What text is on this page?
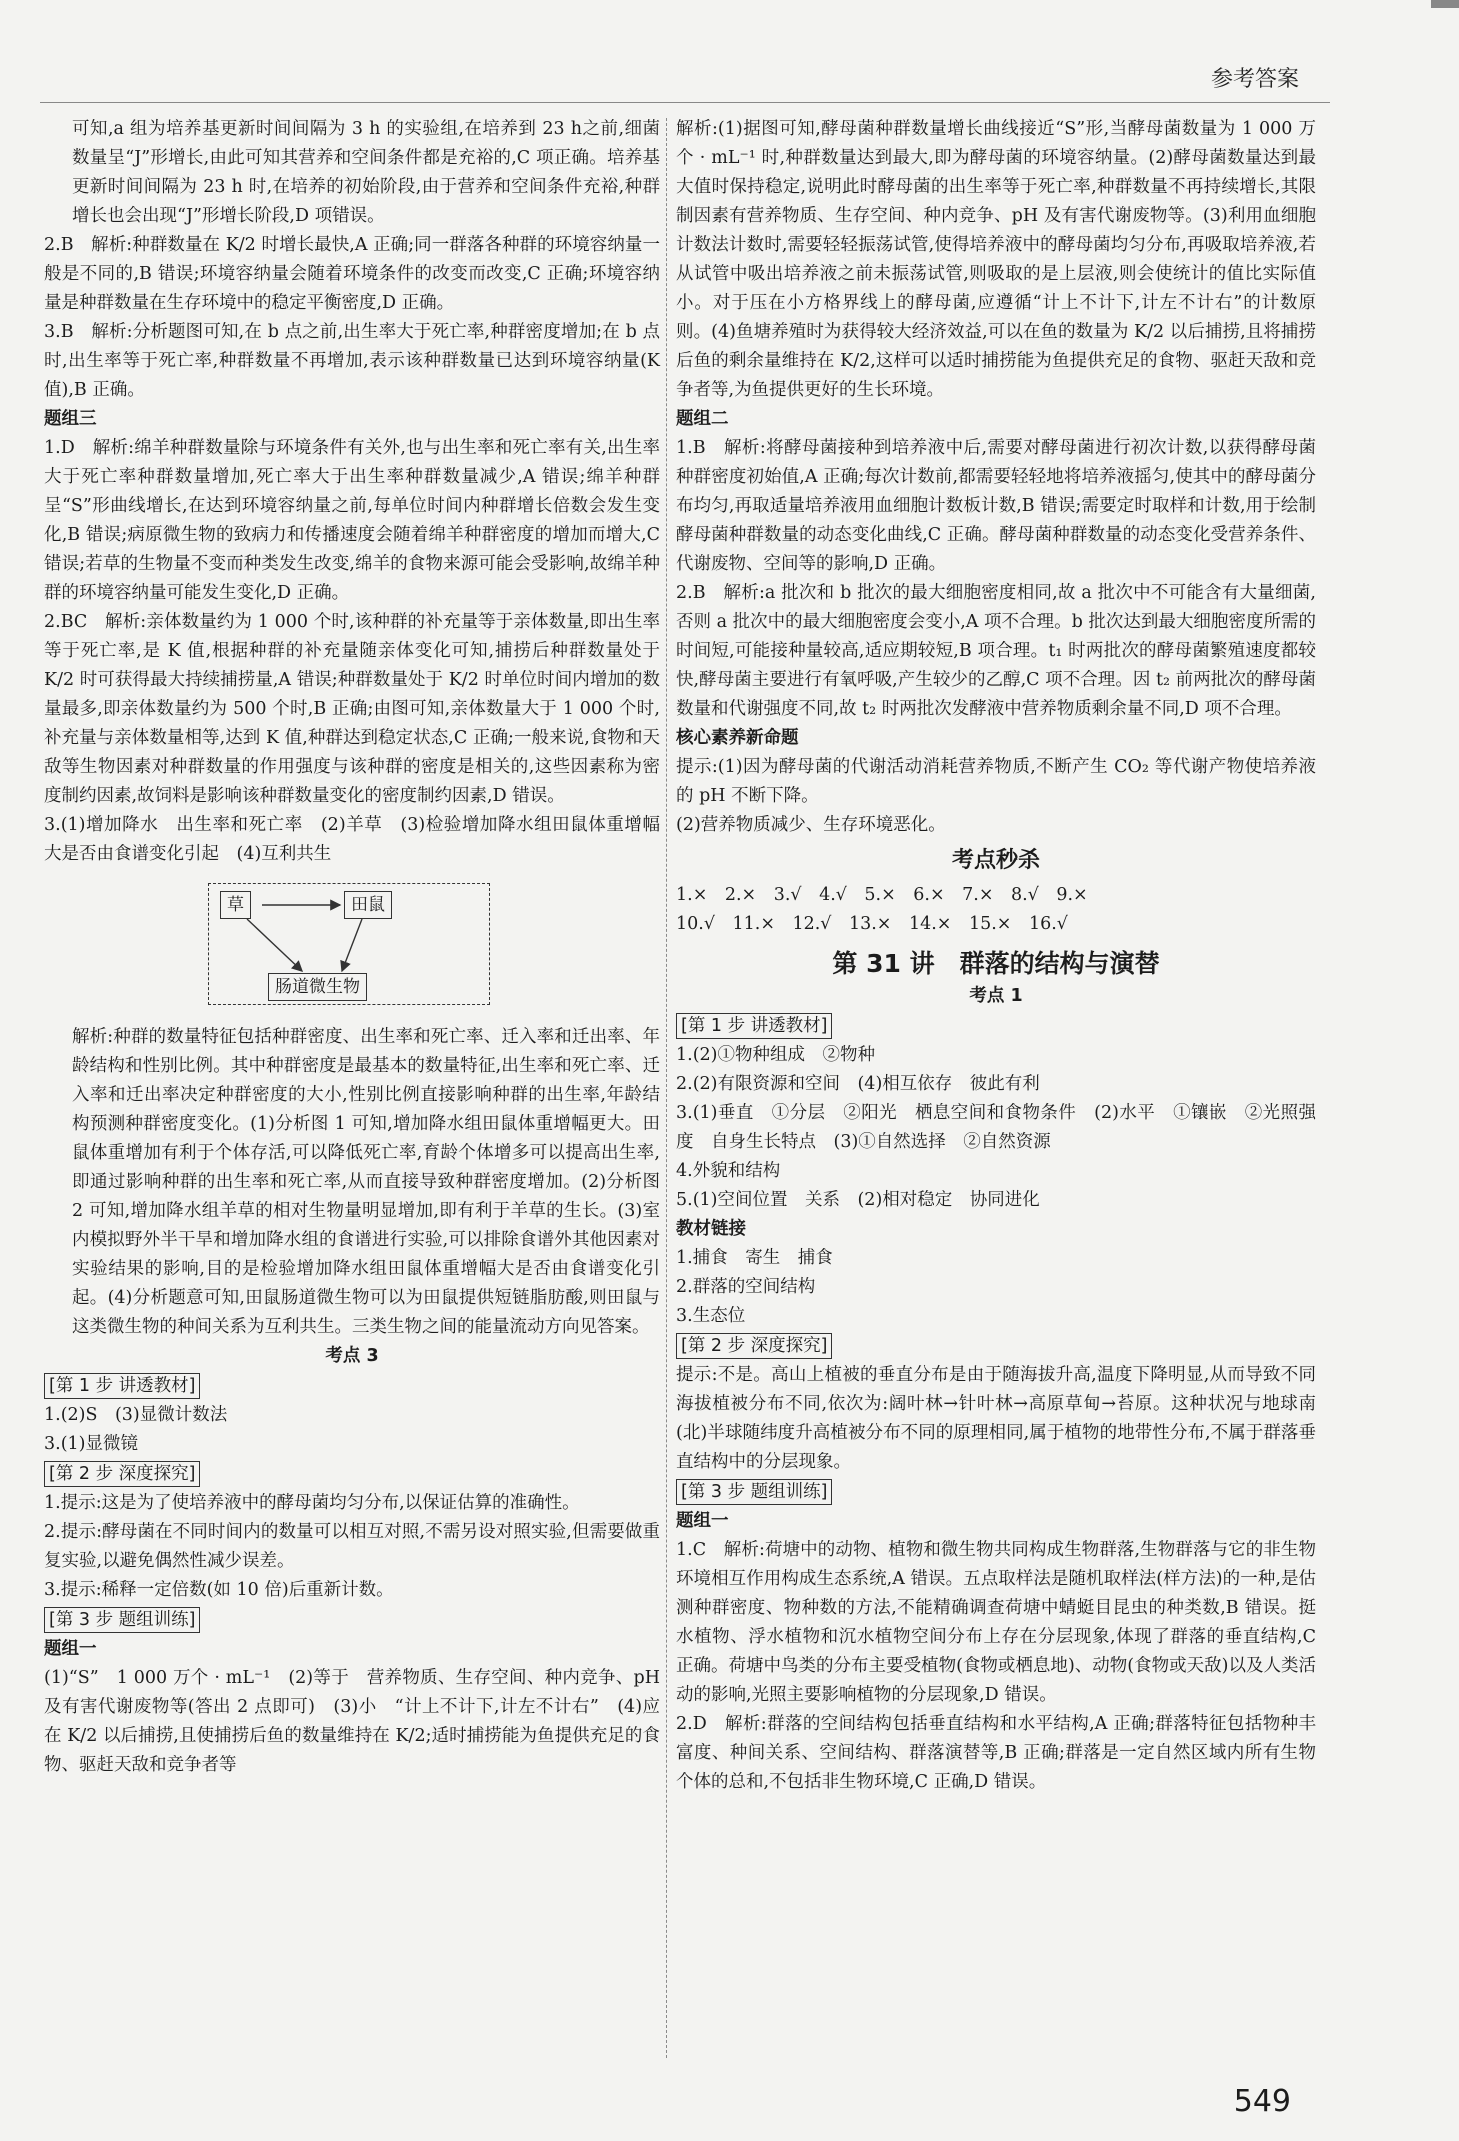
参考答案

可知,a 组为培养基更新时间间隔为 3 h 的实验组,在培养到 23 h之前,细菌数量呈“J”形增长,由此可知其营养和空间条件都是充裕的,C 项正确。培养基更新时间间隔为 23 h 时,在培养的初始阶段,由于营养和空间条件充裕,种群增长也会出现“J”形增长阶段,D 项错误。

2.B　解析:种群数量在 K/2 时增长最快,A 正确;同一群落各种群的环境容纳量一般是不同的,B 错误;环境容纳量会随着环境条件的改变而改变,C 正确;环境容纳量是种群数量在生存环境中的稳定平衡密度,D 正确。

3.B　解析:分析题图可知,在 b 点之前,出生率大于死亡率,种群密度增加;在 b 点时,出生率等于死亡率,种群数量不再增加,表示该种群数量已达到环境容纳量(K 值),B 正确。

题组三

1.D　解析:绵羊种群数量除与环境条件有关外,也与出生率和死亡率有关,出生率大于死亡率种群数量增加,死亡率大于出生率种群数量减少,A 错误;绵羊种群呈“S”形曲线增长,在达到环境容纳量之前,每单位时间内种群增长倍数会发生变化,B 错误;病原微生物的致病力和传播速度会随着绵羊种群密度的增加而增大,C 错误;若草的生物量不变而种类发生改变,绵羊的食物来源可能会受影响,故绵羊种群的环境容纳量可能发生变化,D 正确。

2.BC　解析:亲体数量约为 1 000 个时,该种群的补充量等于亲体数量,即出生率等于死亡率,是 K 值,根据种群的补充量随亲体变化可知,捕捞后种群数量处于 K/2 时可获得最大持续捕捞量,A 错误;种群数量处于 K/2 时单位时间内增加的数量最多,即亲体数量约为 500 个时,B 正确;由图可知,亲体数量大于 1 000 个时,补充量与亲体数量相等,达到 K 值,种群达到稳定状态,C 正确;一般来说,食物和天敌等生物因素对种群数量的作用强度与该种群的密度是相关的,这些因素称为密度制约因素,故饲料是影响该种群数量变化的密度制约因素,D 错误。

3.(1)增加降水　出生率和死亡率　(2)羊草　(3)检验增加降水组田鼠体重增幅大是否由食谱变化引起　(4)互利共生

草	田鼠
肠道微生物

解析:种群的数量特征包括种群密度、出生率和死亡率、迁入率和迁出率、年龄结构和性别比例。其中种群密度是最基本的数量特征,出生率和死亡率、迁入率和迁出率决定种群密度的大小,性别比例直接影响种群的出生率,年龄结构预测种群密度变化。(1)分析图 1 可知,增加降水组田鼠体重增幅更大。田鼠体重增加有利于个体存活,可以降低死亡率,育龄个体增多可以提高出生率,即通过影响种群的出生率和死亡率,从而直接导致种群密度增加。(2)分析图 2 可知,增加降水组羊草的相对生物量明显增加,即有利于羊草的生长。(3)室内模拟野外半干旱和增加降水组的食谱进行实验,可以排除食谱外其他因素对实验结果的影响,目的是检验增加降水组田鼠体重增幅大是否由食谱变化引起。(4)分析题意可知,田鼠肠道微生物可以为田鼠提供短链脂肪酸,则田鼠与这类微生物的种间关系为互利共生。三类生物之间的能量流动方向见答案。

考点 3

[第 1 步 讲透教材]

1.(2)S　(3)显微计数法

3.(1)显微镜

[第 2 步 深度探究]

1.提示:这是为了使培养液中的酵母菌均匀分布,以保证估算的准确性。

2.提示:酵母菌在不同时间内的数量可以相互对照,不需另设对照实验,但需要做重复实验,以避免偶然性减少误差。

3.提示:稀释一定倍数(如 10 倍)后重新计数。

[第 3 步 题组训练]

题组一

(1)“S”　1 000 万个 · mL⁻¹　(2)等于　营养物质、生存空间、种内竞争、pH 及有害代谢废物等(答出 2 点即可)　(3)小　“计上不计下,计左不计右”　(4)应在 K/2 以后捕捞,且使捕捞后鱼的数量维持在 K/2;适时捕捞能为鱼提供充足的食物、驱赶天敌和竞争者等

解析:(1)据图可知,酵母菌种群数量增长曲线接近“S”形,当酵母菌数量为 1 000 万个 · mL⁻¹ 时,种群数量达到最大,即为酵母菌的环境容纳量。(2)酵母菌数量达到最大值时保持稳定,说明此时酵母菌的出生率等于死亡率,种群数量不再持续增长,其限制因素有营养物质、生存空间、种内竞争、pH 及有害代谢废物等。(3)利用血细胞计数法计数时,需要轻轻振荡试管,使得培养液中的酵母菌均匀分布,再吸取培养液,若从试管中吸出培养液之前未振荡试管,则吸取的是上层液,则会使统计的值比实际值小。对于压在小方格界线上的酵母菌,应遵循“计上不计下,计左不计右”的计数原则。(4)鱼塘养殖时为获得较大经济效益,可以在鱼的数量为 K/2 以后捕捞,且将捕捞后鱼的剩余量维持在 K/2,这样可以适时捕捞能为鱼提供充足的食物、驱赶天敌和竞争者等,为鱼提供更好的生长环境。

题组二

1.B　解析:将酵母菌接种到培养液中后,需要对酵母菌进行初次计数,以获得酵母菌种群密度初始值,A 正确;每次计数前,都需要轻轻地将培养液摇匀,使其中的酵母菌分布均匀,再取适量培养液用血细胞计数板计数,B 错误;需要定时取样和计数,用于绘制酵母菌种群数量的动态变化曲线,C 正确。酵母菌种群数量的动态变化受营养条件、代谢废物、空间等的影响,D 正确。

2.B　解析:a 批次和 b 批次的最大细胞密度相同,故 a 批次中不可能含有大量细菌,否则 a 批次中的最大细胞密度会变小,A 项不合理。b 批次达到最大细胞密度所需的时间短,可能接种量较高,适应期较短,B 项合理。t₁ 时两批次的酵母菌繁殖速度都较快,酵母菌主要进行有氧呼吸,产生较少的乙醇,C 项不合理。因 t₂ 前两批次的酵母菌数量和代谢强度不同,故 t₂ 时两批次发酵液中营养物质剩余量不同,D 项不合理。

核心素养新命题

提示:(1)因为酵母菌的代谢活动消耗营养物质,不断产生 CO₂ 等代谢产物使培养液的 pH 不断下降。

(2)营养物质减少、生存环境恶化。

考点秒杀

1.×　2.×　3.√　4.√　5.×　6.×　7.×　8.√　9.×

10.√　11.×　12.√　13.×　14.×　15.×　16.√

第 31 讲　群落的结构与演替

考点 1

[第 1 步 讲透教材]

1.(2)①物种组成　②物种

2.(2)有限资源和空间　(4)相互依存　彼此有利

3.(1)垂直　①分层　②阳光　栖息空间和食物条件　(2)水平　①镶嵌　②光照强度　自身生长特点　(3)①自然选择　②自然资源

4.外貌和结构

5.(1)空间位置　关系　(2)相对稳定　协同进化

教材链接

1.捕食　寄生　捕食

2.群落的空间结构

3.生态位

[第 2 步 深度探究]

提示:不是。高山上植被的垂直分布是由于随海拔升高,温度下降明显,从而导致不同海拔植被分布不同,依次为:阔叶林→针叶林→高原草甸→苔原。这种状况与地球南(北)半球随纬度升高植被分布不同的原理相同,属于植物的地带性分布,不属于群落垂直结构中的分层现象。

[第 3 步 题组训练]

题组一

1.C　解析:荷塘中的动物、植物和微生物共同构成生物群落,生物群落与它的非生物环境相互作用构成生态系统,A 错误。五点取样法是随机取样法(样方法)的一种,是估测种群密度、物种数的方法,不能精确调查荷塘中蜻蜓目昆虫的种类数,B 错误。挺水植物、浮水植物和沉水植物空间分布上存在分层现象,体现了群落的垂直结构,C 正确。荷塘中鸟类的分布主要受植物(食物或栖息地)、动物(食物或天敌)以及人类活动的影响,光照主要影响植物的分层现象,D 错误。

2.D　解析:群落的空间结构包括垂直结构和水平结构,A 正确;群落特征包括物种丰富度、种间关系、空间结构、群落演替等,B 正确;群落是一定自然区域内所有生物个体的总和,不包括非生物环境,C 正确,D 错误。

549
